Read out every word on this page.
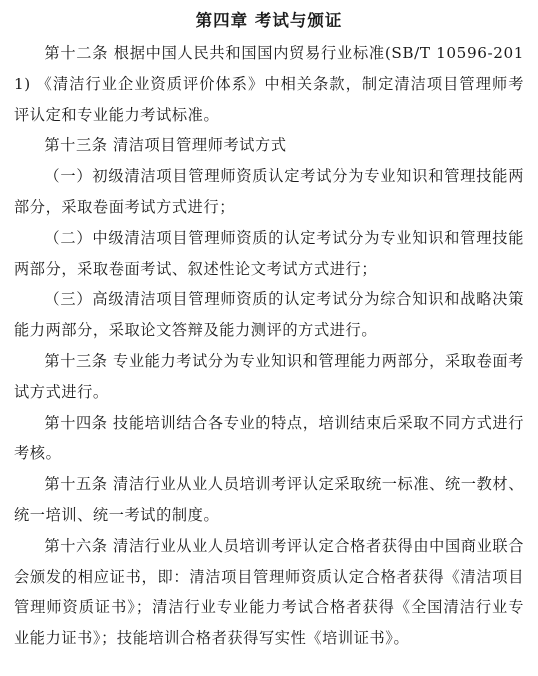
第四章 考试与颁证

第十二条 根据中国人民共和国国内贸易行业标准(SB/T 10596-2011) 《清洁行业企业资质评价体系》中相关条款，制定清洁项目管理师考评认定和专业能力考试标准。

第十三条 清洁项目管理师考试方式

（一）初级清洁项目管理师资质认定考试分为专业知识和管理技能两部分，采取卷面考试方式进行；

（二）中级清洁项目管理师资质的认定考试分为专业知识和管理技能两部分，采取卷面考试、叙述性论文考试方式进行；

（三）高级清洁项目管理师资质的认定考试分为综合知识和战略决策能力两部分，采取论文答辩及能力测评的方式进行。

第十三条 专业能力考试分为专业知识和管理能力两部分，采取卷面考试方式进行。

第十四条 技能培训结合各专业的特点，培训结束后采取不同方式进行考核。

第十五条 清洁行业从业人员培训考评认定采取统一标准、统一教材、统一培训、统一考试的制度。

第十六条 清洁行业从业人员培训考评认定合格者获得由中国商业联合会颁发的相应证书，即：清洁项目管理师资质认定合格者获得《清洁项目管理师资质证书》；清洁行业专业能力考试合格者获得《全国清洁行业专业能力证书》；技能培训合格者获得写实性《培训证书》。
